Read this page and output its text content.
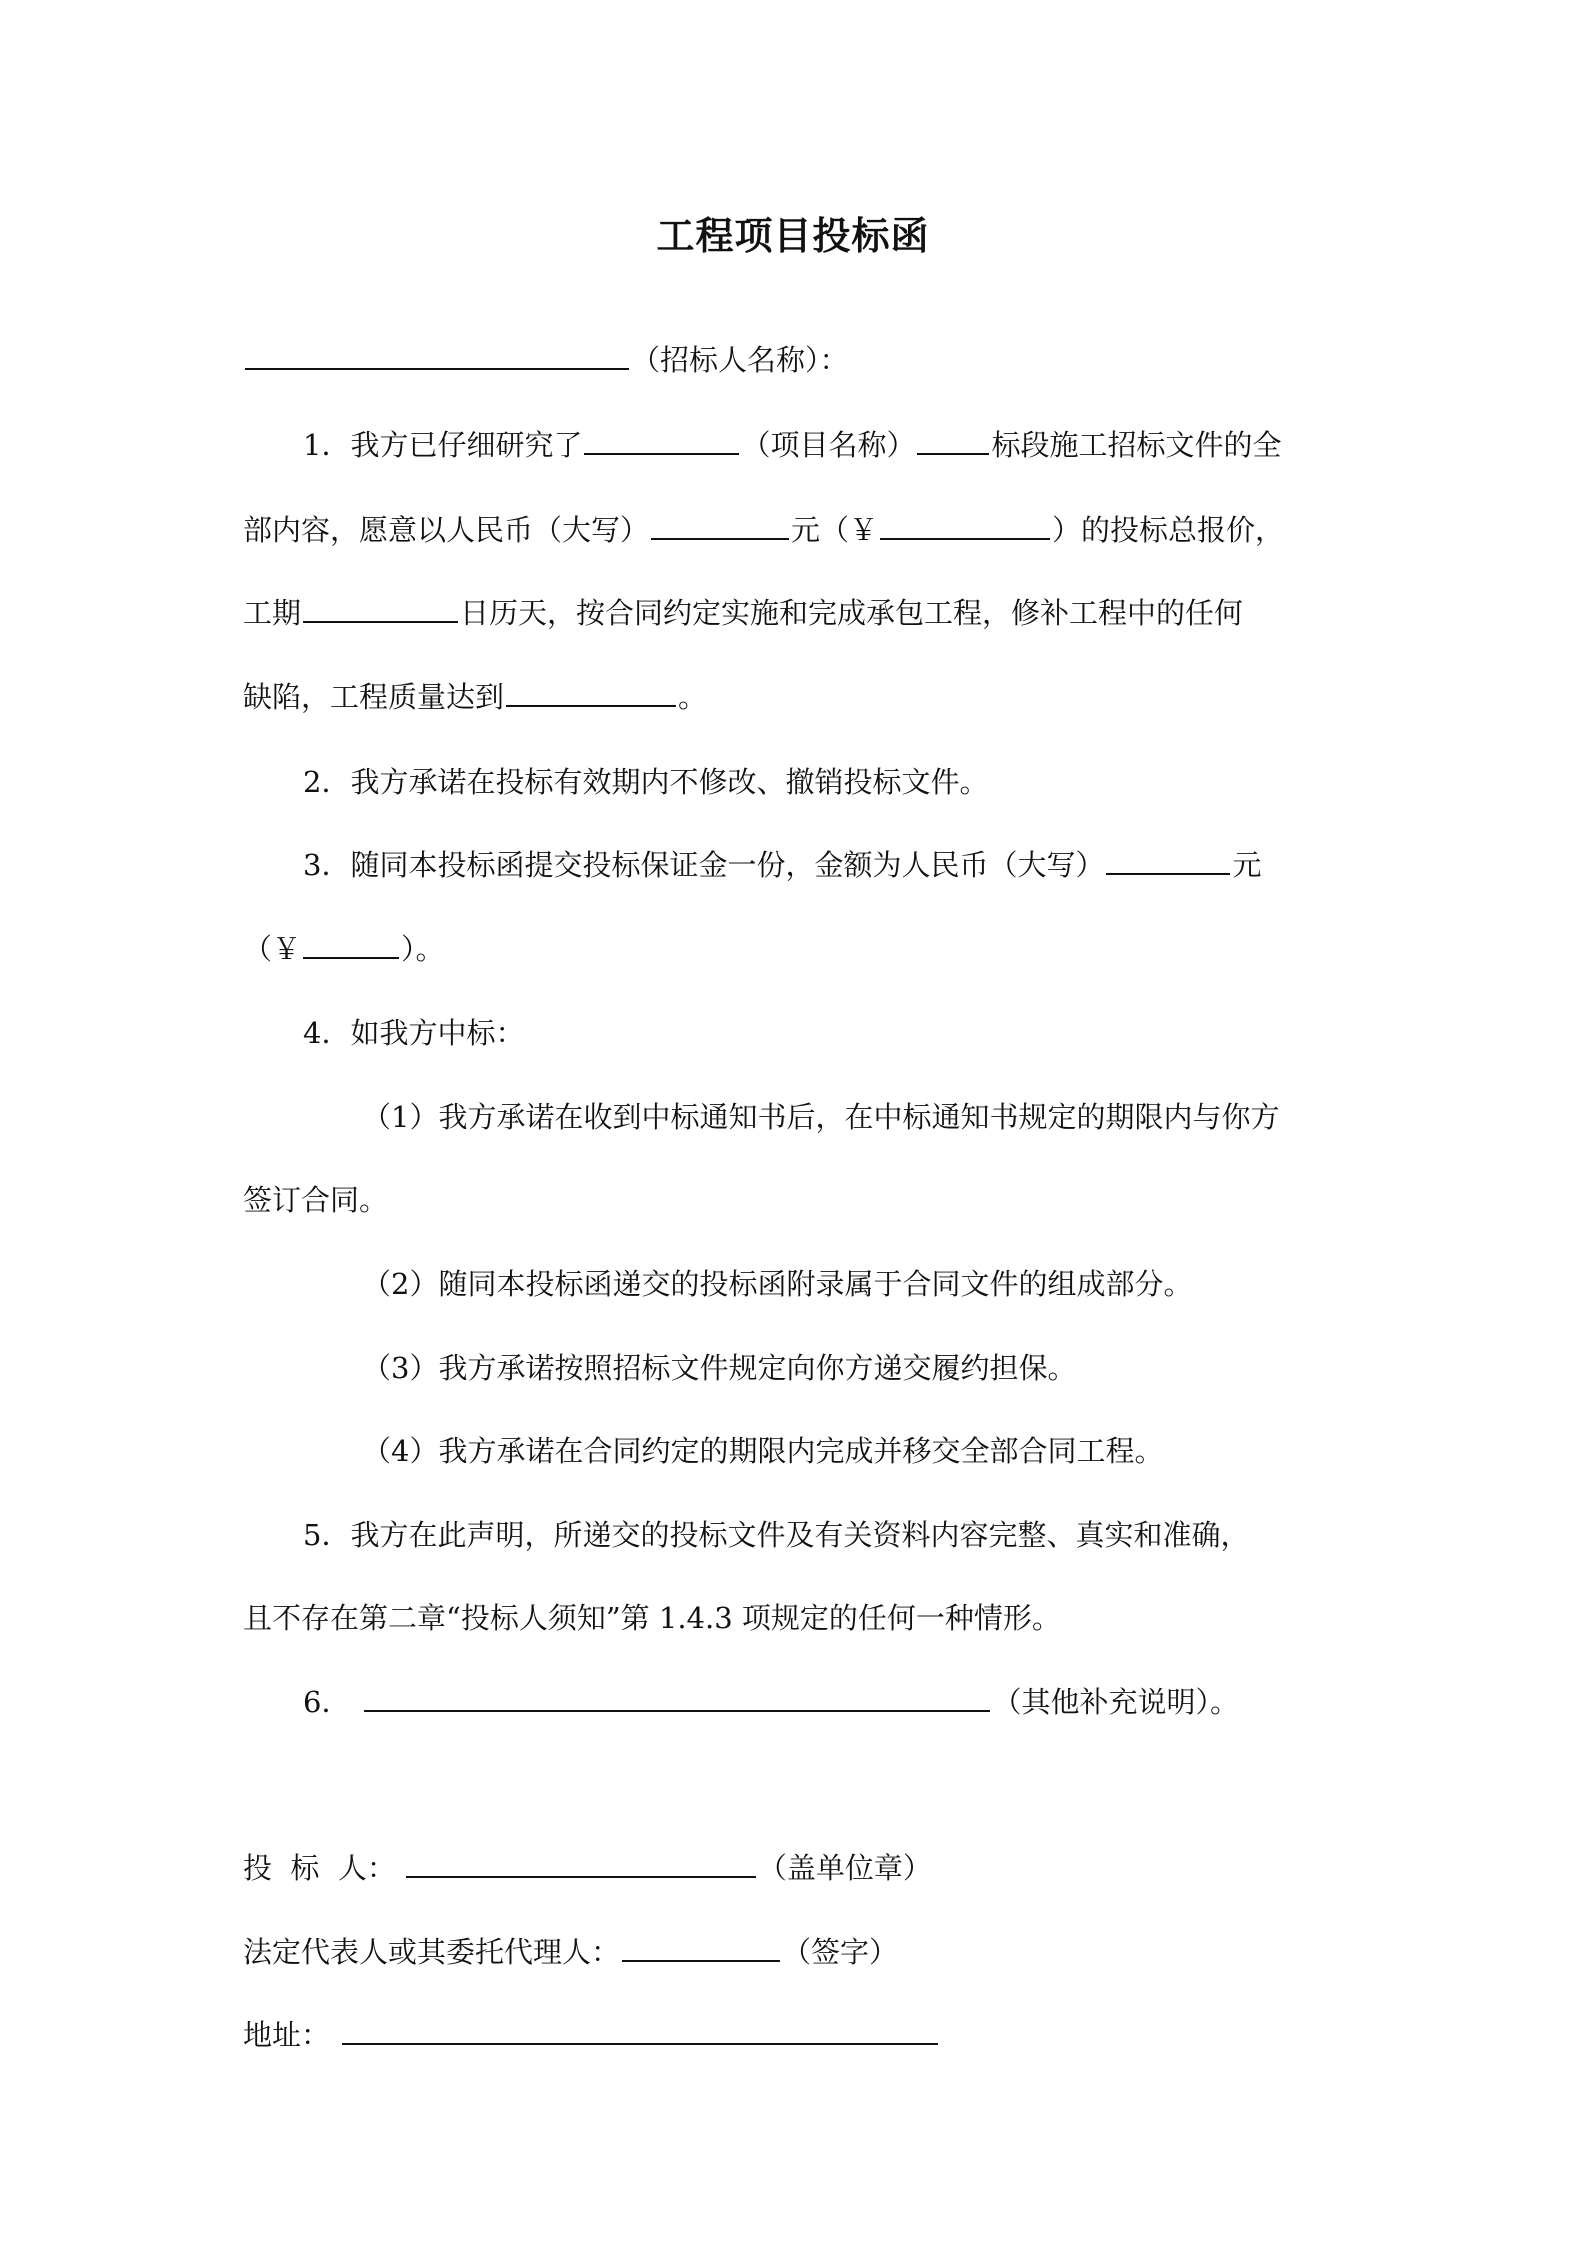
工程项目投标函
（招标人名称）：
1．我方已仔细研究了	（项目名称）	标段施工招标文件的全
部内容，愿意以人民币（大写）	元（￥	）的投标总报价，
工期	日历天，按合同约定实施和完成承包工程，修补工程中的任何
缺陷，工程质量达到	。
2．我方承诺在投标有效期内不修改、撤销投标文件。
3．随同本投标函提交投标保证金一份，金额为人民币（大写）	元
（￥	）。
4．如我方中标：
（1）我方承诺在收到中标通知书后，在中标通知书规定的期限内与你方
签订合同。
（2）随同本投标函递交的投标函附录属于合同文件的组成部分。
（3）我方承诺按照招标文件规定向你方递交履约担保。
（4）我方承诺在合同约定的期限内完成并移交全部合同工程。
5．我方在此声明，所递交的投标文件及有关资料内容完整、真实和准确，
且不存在第二章“投标人须知”第 1.4.3 项规定的任何一种情形。
6．	（其他补充说明）。
投  标  人：	（盖单位章）
法定代表人或其委托代理人：	（签字）
地址：
